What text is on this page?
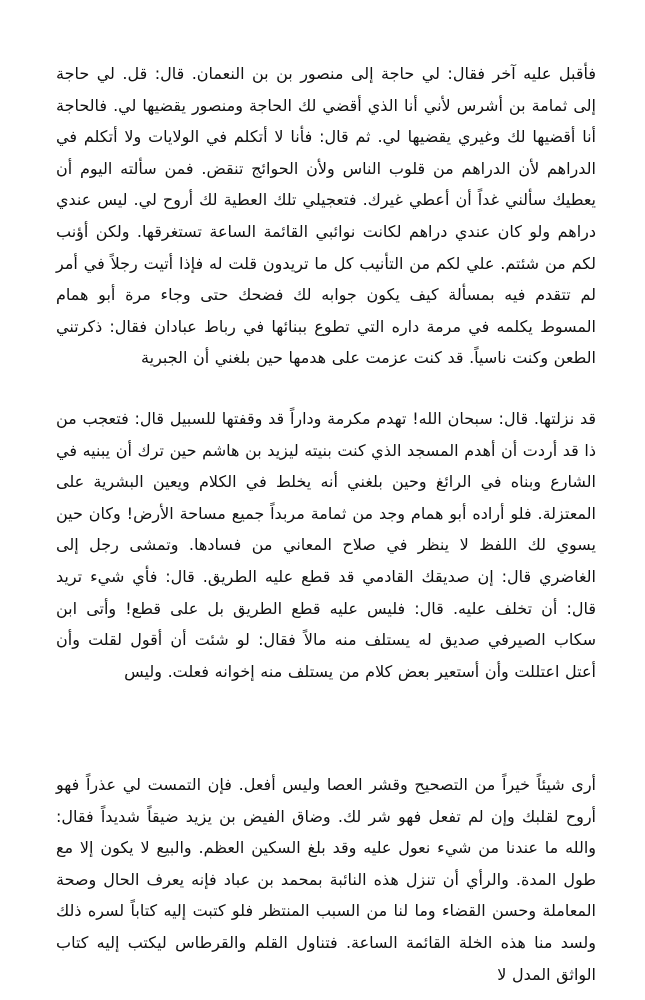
فأقبل عليه آخر فقال: لي حاجة إلى منصور بن بن النعمان. قال: قل. لي حاجة إلى ثمامة بن أشرس لأني أنا الذي أقضي لك الحاجة ومنصور يقضيها لي. فالحاجة أنا أقضيها لك وغيري يقضيها لي. ثم قال: فأنا لا أتكلم في الولايات ولا أتكلم في الدراهم لأن الدراهم من قلوب الناس ولأن الحوائج تنقض. فمن سألته اليوم أن يعطيك سألني غداً أن أعطي غيرك. فتعجيلي تلك العطية لك أروح لي. ليس عندي دراهم ولو كان عندي دراهم لكانت نوائبي القائمة الساعة تستغرقها. ولكن أؤنب لكم من شئتم. علي لكم من التأنيب كل ما تريدون قلت له فإذا أتيت رجلاً في أمر لم تتقدم فيه بمسألة كيف يكون جوابه لك فضحك حتى وجاء مرة أبو همام المسوط يكلمه في مرمة داره التي تطوع ببنائها في رباط عبادان فقال: ذكرتني الطعن وكنت ناسياً. قد كنت عزمت على هدمها حين بلغني أن الجبرية

قد نزلتها. قال: سبحان الله! تهدم مكرمة وداراً قد وقفتها للسبيل قال: فتعجب من ذا قد أردت أن أهدم المسجد الذي كنت بنيته ليزيد بن هاشم حين ترك أن يبنيه في الشارع وبناه في الرائغ وحين بلغني أنه يخلط في الكلام ويعين البشرية على المعتزلة. فلو أراده أبو همام وجد من ثمامة مربداً جميع مساحة الأرض! وكان حين يسوي لك اللفظ لا ينظر في صلاح المعاني من فسادها. وتمشى رجل إلى الغاضري قال: إن صديقك القادمي قد قطع عليه الطريق. قال: فأي شيء تريد قال: أن تخلف عليه. قال: فليس عليه قطع الطريق بل على قطع! وأتى ابن سكاب الصيرفي صديق له يستلف منه مالاً فقال: لو شئت أن أقول لقلت وأن أعتل اعتللت وأن أستعير بعض كلام من يستلف منه إخوانه فعلت. وليس

أرى شيئاً خيراً من التصحيح وقشر العصا وليس أفعل. فإن التمست لي عذراً فهو أروح لقلبك وإن لم تفعل فهو شر لك. وضاق الفيض بن يزيد ضيقاً شديداً فقال: والله ما عندنا من شيء نعول عليه وقد بلغ السكين العظم. والبيع لا يكون إلا مع طول المدة. والرأي أن تنزل هذه النائبة بمحمد بن عباد فإنه يعرف الحال وصحة المعاملة وحسن القضاء وما لنا من السبب المنتظر فلو كتبت إليه كتاباً لسره ذلك ولسد منا هذه الخلة القائمة الساعة. فتناول القلم والقرطاس ليكتب إليه كتاب الواثق المدل لا
